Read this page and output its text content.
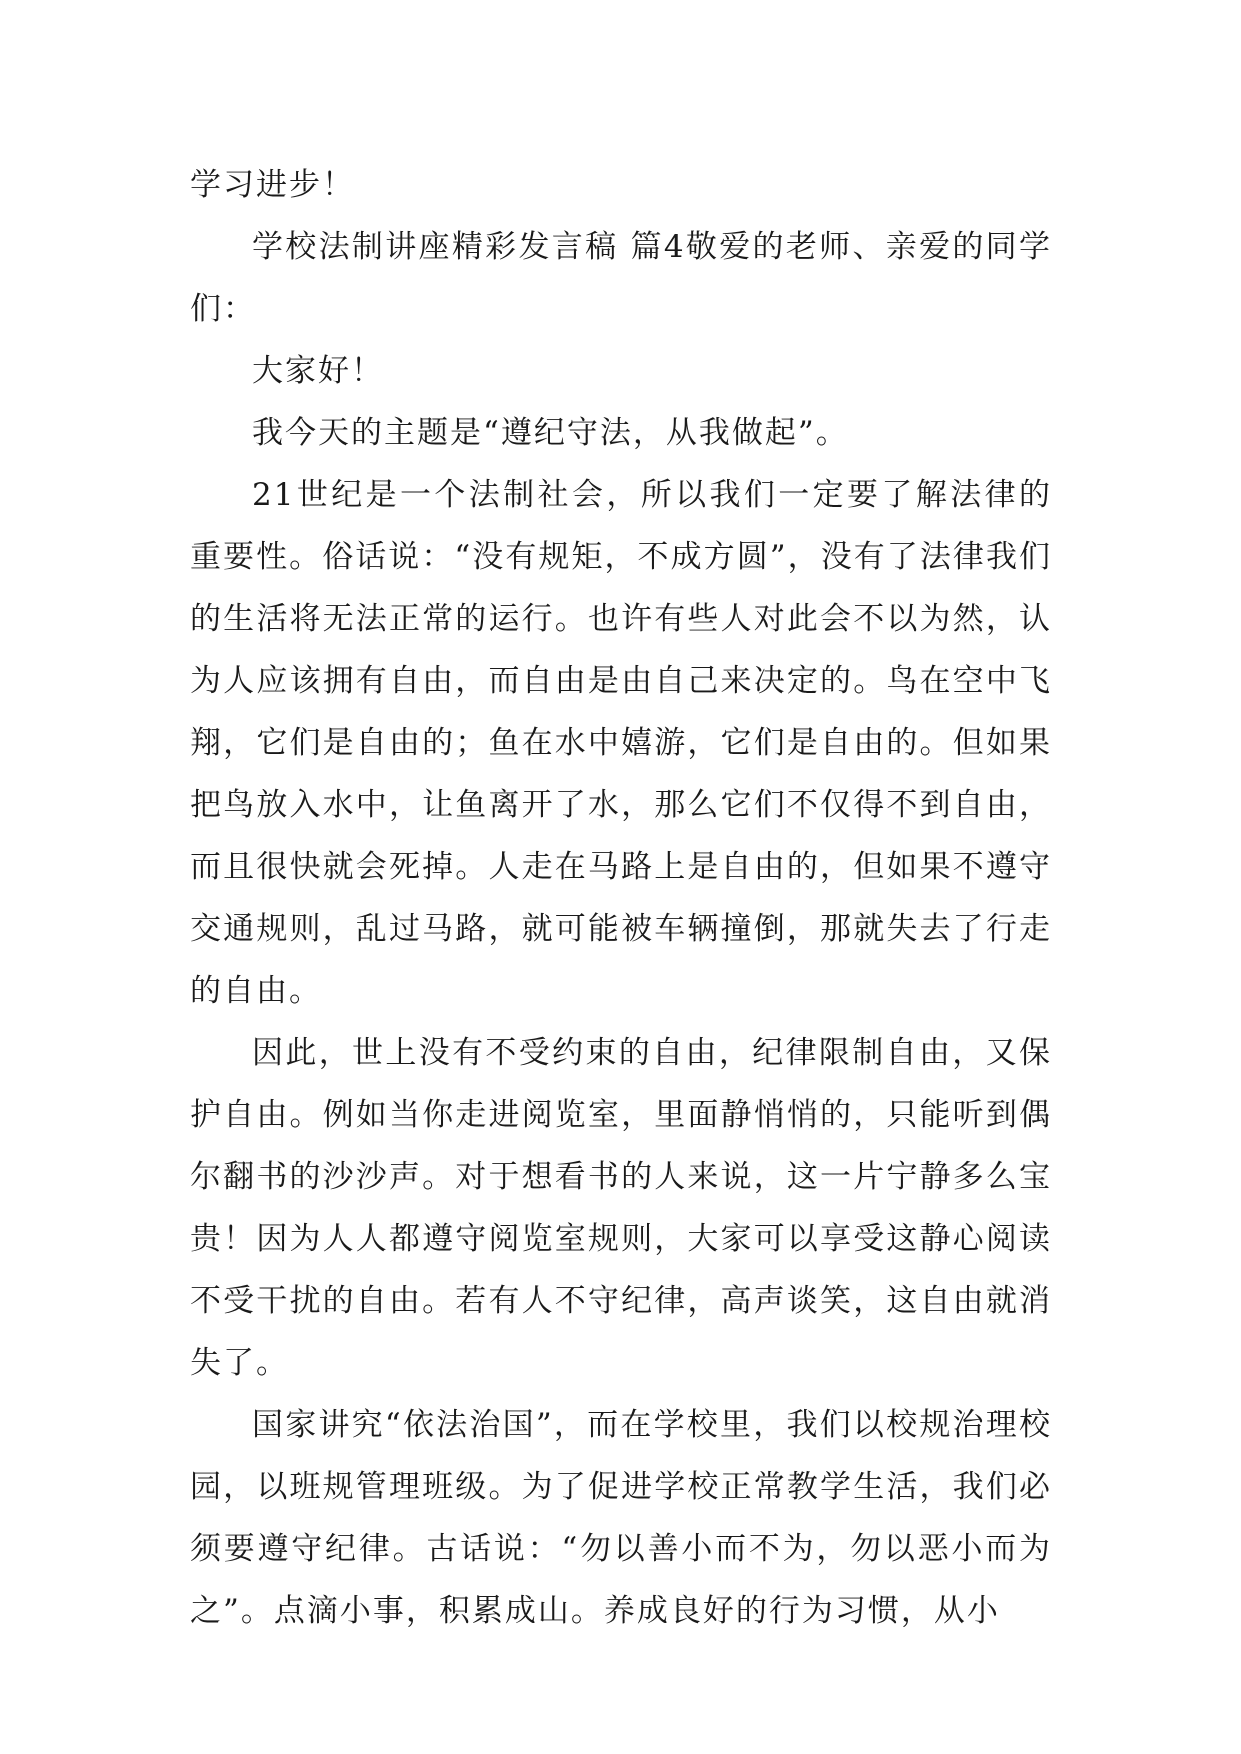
学习进步！

学校法制讲座精彩发言稿 篇4敬爱的老师、亲爱的同学们：

大家好！

我今天的主题是“遵纪守法，从我做起”。

21世纪是一个法制社会，所以我们一定要了解法律的重要性。俗话说：“没有规矩，不成方圆”，没有了法律我们的生活将无法正常的运行。也许有些人对此会不以为然，认为人应该拥有自由，而自由是由自己来决定的。鸟在空中飞翔，它们是自由的；鱼在水中嬉游，它们是自由的。但如果把鸟放入水中，让鱼离开了水，那么它们不仅得不到自由，而且很快就会死掉。人走在马路上是自由的，但如果不遵守交通规则，乱过马路，就可能被车辆撞倒，那就失去了行走的自由。

因此，世上没有不受约束的自由，纪律限制自由，又保护自由。例如当你走进阅览室，里面静悄悄的，只能听到偶尔翻书的沙沙声。对于想看书的人来说，这一片宁静多么宝贵！因为人人都遵守阅览室规则，大家可以享受这静心阅读不受干扰的自由。若有人不守纪律，高声谈笑，这自由就消失了。

国家讲究“依法治国”，而在学校里，我们以校规治理校园，以班规管理班级。为了促进学校正常教学生活，我们必须要遵守纪律。古话说：“勿以善小而不为，勿以恶小而为之”。点滴小事，积累成山。养成良好的行为习惯，从小
